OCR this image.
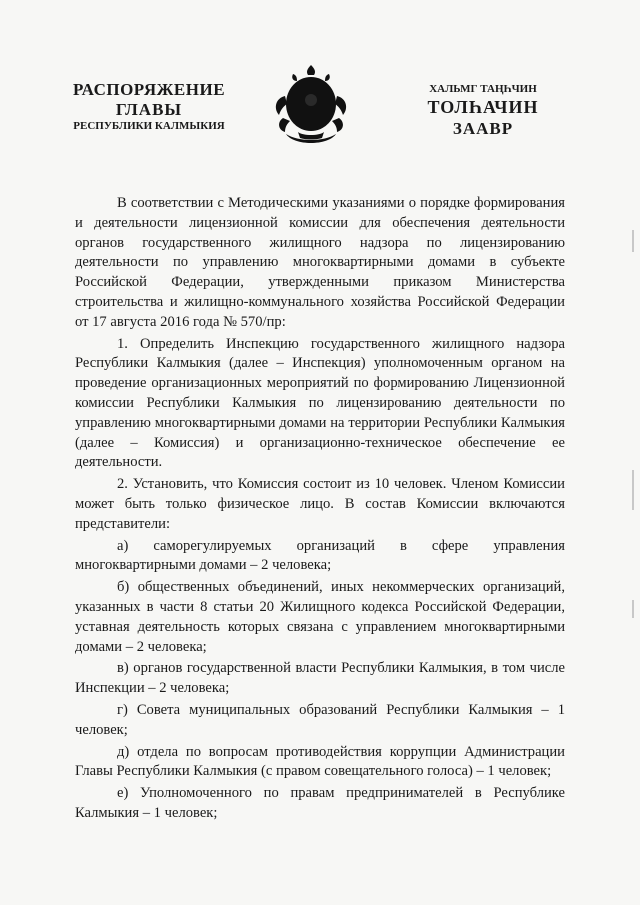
РАСПОРЯЖЕНИЕ
ГЛАВЫ
РЕСПУБЛИКИ КАЛМЫКИЯ
ХАЛЬМГ ТАҢҺЧИН
ТОЛҺАЧИН
ЗААВР

В соответствии с Методическими указаниями о порядке формирования и деятельности лицензионной комиссии для обеспечения деятельности органов государственного жилищного надзора по лицензированию деятельности по управлению многоквартирными домами в субъекте Российской Федерации, утвержденными приказом Министерства строительства и жилищно-коммунального хозяйства Российской Федерации от 17 августа 2016 года № 570/пр:

1. Определить Инспекцию государственного жилищного надзора Республики Калмыкия (далее – Инспекция) уполномоченным органом на проведение организационных мероприятий по формированию Лицензионной комиссии Республики Калмыкия по лицензированию деятельности по управлению многоквартирными домами на территории Республики Калмыкия (далее – Комиссия) и организационно-техническое обеспечение ее деятельности.

2. Установить, что Комиссия состоит из 10 человек. Членом Комиссии может быть только физическое лицо. В состав Комиссии включаются представители:

а) саморегулируемых организаций в сфере управления многоквартирными домами – 2 человека;

б) общественных объединений, иных некоммерческих организаций, указанных в части 8 статьи 20 Жилищного кодекса Российской Федерации, уставная деятельность которых связана с управлением многоквартирными домами – 2 человека;

в) органов государственной власти Республики Калмыкия, в том числе Инспекции – 2 человека;

г) Совета муниципальных образований Республики Калмыкия – 1 человек;

д) отдела по вопросам противодействия коррупции Администрации Главы Республики Калмыкия (с правом совещательного голоса) – 1 человек;

е) Уполномоченного по правам предпринимателей в Республике Калмыкия – 1 человек;
